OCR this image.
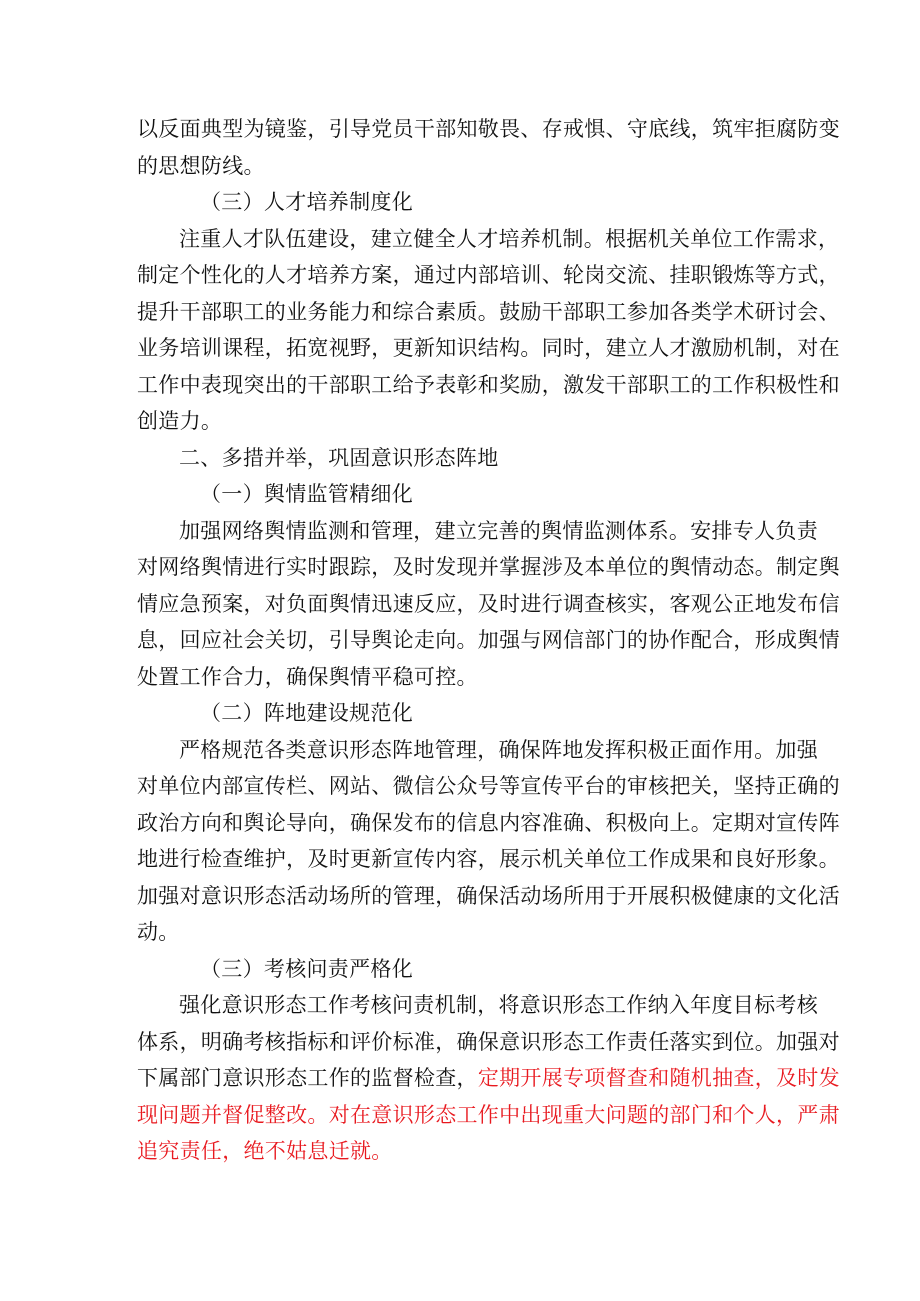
以反面典型为镜鉴，引导党员干部知敬畏、存戒惧、守底线，筑牢拒腐防变
的思想防线。
（三）人才培养制度化
注重人才队伍建设，建立健全人才培养机制。根据机关单位工作需求，
制定个性化的人才培养方案，通过内部培训、轮岗交流、挂职锻炼等方式，
提升干部职工的业务能力和综合素质。鼓励干部职工参加各类学术研讨会、
业务培训课程，拓宽视野，更新知识结构。同时，建立人才激励机制，对在
工作中表现突出的干部职工给予表彰和奖励，激发干部职工的工作积极性和
创造力。
二、多措并举，巩固意识形态阵地
（一）舆情监管精细化
加强网络舆情监测和管理，建立完善的舆情监测体系。安排专人负责
对网络舆情进行实时跟踪，及时发现并掌握涉及本单位的舆情动态。制定舆
情应急预案，对负面舆情迅速反应，及时进行调查核实，客观公正地发布信
息，回应社会关切，引导舆论走向。加强与网信部门的协作配合，形成舆情
处置工作合力，确保舆情平稳可控。
（二）阵地建设规范化
严格规范各类意识形态阵地管理，确保阵地发挥积极正面作用。加强
对单位内部宣传栏、网站、微信公众号等宣传平台的审核把关，坚持正确的
政治方向和舆论导向，确保发布的信息内容准确、积极向上。定期对宣传阵
地进行检查维护，及时更新宣传内容，展示机关单位工作成果和良好形象。
加强对意识形态活动场所的管理，确保活动场所用于开展积极健康的文化活
动。
（三）考核问责严格化
强化意识形态工作考核问责机制，将意识形态工作纳入年度目标考核
体系，明确考核指标和评价标准，确保意识形态工作责任落实到位。加强对
下属部门意识形态工作的监督检查，定期开展专项督查和随机抽查，及时发
现问题并督促整改。对在意识形态工作中出现重大问题的部门和个人，严肃
追究责任，绝不姑息迁就。
